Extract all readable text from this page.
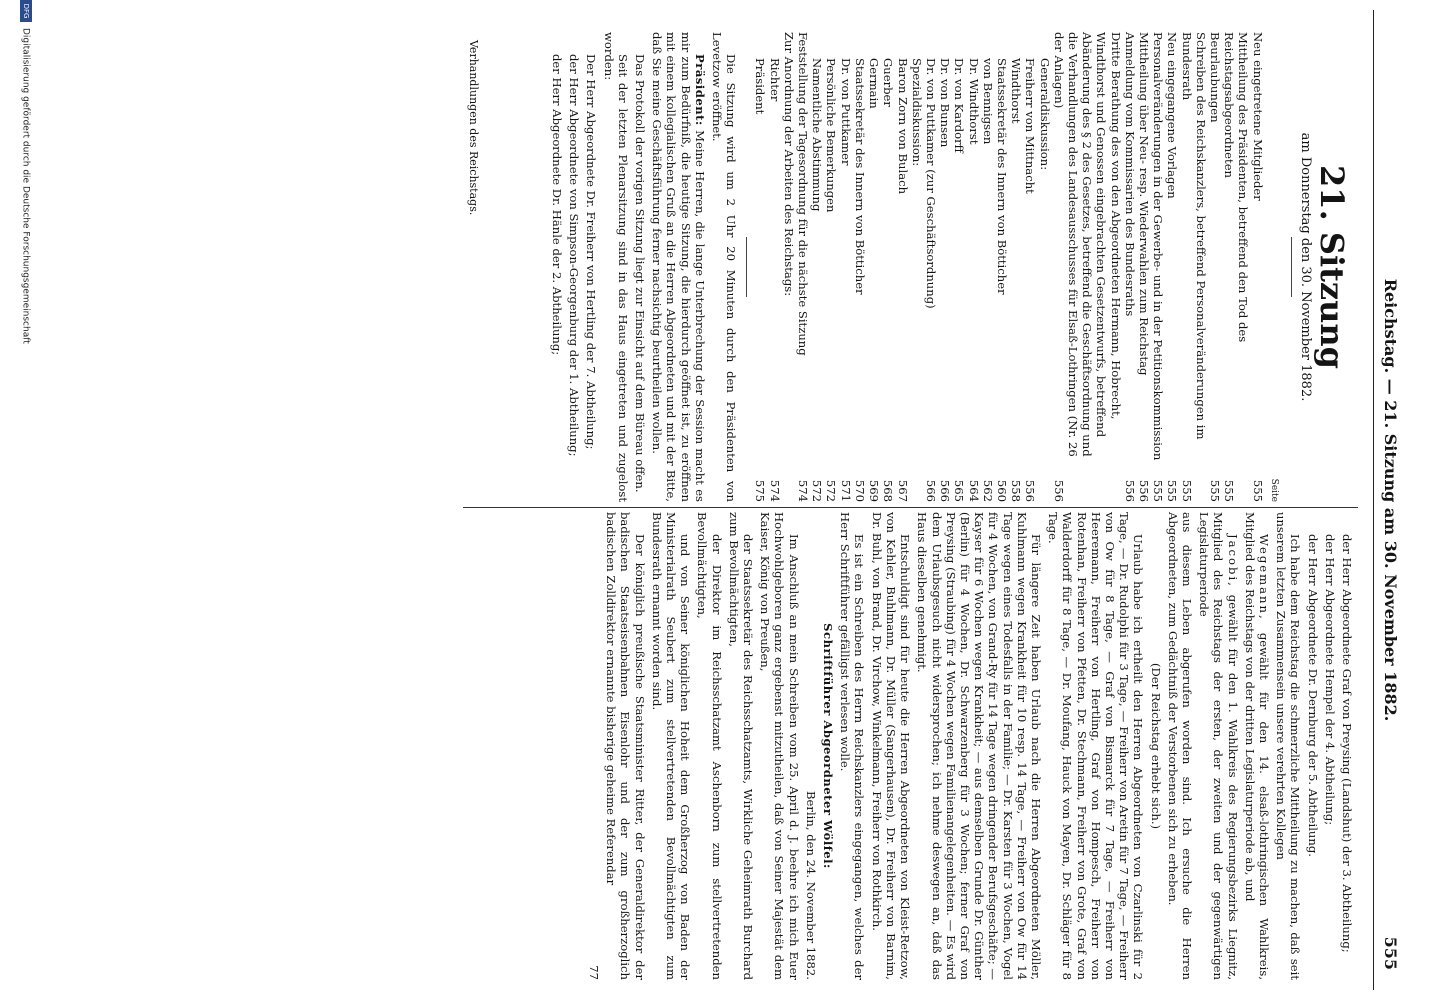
Reichstag. — 21. Sitzung am 30. November 1882.
555
21. Sitzung
am Donnerstag den 30. November 1882.
Seite
Neu eingetretene Mitglieder
555
Mittheilung des Präsidenten, betreffend den Tod des Reichstagsabgeordneten
555
Beurlaubungen
555
Schreiben des Reichskanzlers, betreffend Personalveränderungen im Bundesrath
555
Neu eingegangene Vorlagen
555
Personalveränderungen in der Gewerbe- und in der Petitionskommission
555
Mittheilung über Neu- resp. Wiederwahlen zum Reichstag
556
Anmeldung vom Kommissarien des Bundesraths
556
Dritte Berathung des von den Abgeordneten Hermann, Hobrecht, Windthorst und Genossen eingebrachten Gesetzentwurfs, betreffend Abänderung des § 2 des Gesetzes, betreffend die Geschäftsordnung und die Verhandlungen des Landesausschusses für Elsaß-Lothringen (Nr. 26 der Anlagen)
556
Generaldiskussion:
Freiherr von Mittnacht
556
Windthorst
558
Staatssekretär des Innern von Bötticher
560
von Bennigsen
562
Dr. Windthorst
564
Dr. von Kardorff
565
Dr. von Bunsen
566
Dr. von Puttkamer (zur Geschäftsordnung)
566
Spezialdiskussion:
Baron Zorn von Bulach
567
Guerber
568
Germain
569
Staatssekretär des Innern von Bötticher
570
Dr. von Puttkamer
571
Persönliche Bemerkungen
572
Namentliche Abstimmung
572
Feststellung der Tagesordnung für die nächste Sitzung
574
Zur Anordnung der Arbeiten des Reichstags:
Richter
574
Präsident
575

Die Sitzung wird um 2 Uhr 20 Minuten durch den Präsidenten von Levetzow eröffnet.

Präsident: Meine Herren, die lange Unterbrechung der Session macht es mir zum Bedürfniß, die heutige Sitzung, die hierdurch geöffnet ist, zu eröffnen mit einem kollegialischen Gruß an die Herren Abgeordneten und mit der Bitte, daß Sie meine Geschäftsführung ferner nachsichtig beurtheilen wollen.

Das Protokoll der vorigen Sitzung liegt zur Einsicht auf dem Büreau offen.

Seit der letzten Plenarsitzung sind in das Haus eingetreten und zugelost worden:

Der Herr Abgeordnete Dr. Freiherr von Hertling der 7. Abtheilung;

der Herr Abgeordnete von Simpson-Georgenburg der 1. Abtheilung;

der Herr Abgeordnete Dr. Hänle der 2. Abtheilung;

Verhandlungen des Reichstags.

der Herr Abgeordnete Graf von Preysing (Landshut) der 3. Abtheilung;

der Herr Abgeordnete Hempel der 4. Abtheilung;

der Herr Abgeordnete Dr. Dernburg der 5. Abtheilung.

Ich habe dem Reichstag die schmerzliche Mittheilung zu machen, daß seit unserem letzten Zusammensein unsere verehrten Kollegen

Wegemann, gewählt für den 14. elsaß-lothringischen Wahlkreis, Mitglied des Reichstags von der dritten Legislaturperiode ab, und

Jacobi, gewählt für den 1. Wahlkreis des Regierungsbezirks Liegnitz, Mitglied des Reichstags der ersten, der zweiten und der gegenwärtigen Legislaturperiode

aus diesem Leben abgerufen worden sind. Ich ersuche die Herren Abgeordneten, zum Gedächtniß der Verstorbenen sich zu erheben.

(Der Reichstag erhebt sich.)

Urlaub habe ich ertheilt den Herren Abgeordneten von Czarlinski für 2 Tage, — Dr. Rudolphi für 3 Tage, — Freiherr von Aretin für 7 Tage, — Freiherr von Ow für 8 Tage, — Graf von Bismarck für 7 Tage, — Freiherr von Heeremann, Freiherr von Hertling, Graf von Hompesch, Freiherr von Rotenhan, Freiherr von Pfetten, Dr. Stechmann, Freiherr von Grote, Graf von Walderdorff für 8 Tage, — Dr. Moufang, Hauck von Mayen, Dr. Schläger für 8 Tage.

Für längere Zeit haben Urlaub nach die Herren Abgeordneten Möller, Kuhlmann wegen Krankheit für 10 resp. 14 Tage, — Freiherr von Ow für 14 Tage wegen eines Todesfalls in der Familie; — Dr. Karsten für 3 Wochen, Vogel für 4 Wochen, von Grand-Ry für 14 Tage wegen dringender Berufsgeschäfte; — Kayser für 6 Wochen wegen Krankheit; — aus demselben Grunde Dr. Günther (Berlin) für 4 Wochen, Dr. Schwarzenberg für 3 Wochen; ferner Graf von Preysing (Straubing) für 4 Wochen wegen Familienangelegenheiten. — Es wird dem Urlaubsgesuch nicht widersprochen; ich nehme deswegen an, daß das Haus dieselben genehmigt.

Entschuldigt sind für heute die Herren Abgeordneten von Kleist-Retzow, von Kehler, Buhlmann, Dr. Müller (Sangerhausen), Dr. Freiherr von Barnim, Dr. Buhl, von Brand, Dr. Virchow, Winkelmann, Freiherr von Rothkirch.

Es ist ein Schreiben des Herrn Reichskanzlers eingegangen, welches der Herr Schriftführer gefälligst verlesen wolle.

Schriftführer Abgeordneter Wölfel:

Berlin, den 24. November 1882.

Im Anschluß an mein Schreiben vom 25. April d. J. beehre ich mich Euer Hochwohlgeboren ganz ergebenst mitzutheilen, daß von Seiner Majestät dem Kaiser, König von Preußen,

der Staatssekretär des Reichsschatzamts, Wirkliche Geheimrath Burchard zum Bevollmächtigten,

der Direktor im Reichsschatzamt Aschenborn zum stellvertretenden Bevollmächtigten,

und von Seiner königlichen Hoheit dem Großherzog von Baden der Ministerialrath Seubert zum stellvertretenden Bevollmächtigten zum Bundesrath ernannt worden sind.

Der königlich preußische Staatsminister Ritter, der Generaldirektor der badischen Staatseisenbahnen Eisenlohr und der zum großherzoglich badischen Zolldirektor ernannte bisherige geheime Referendar

77

DFGDigitalisierung gefördert durch die Deutsche Forschungsgemeinschaft
